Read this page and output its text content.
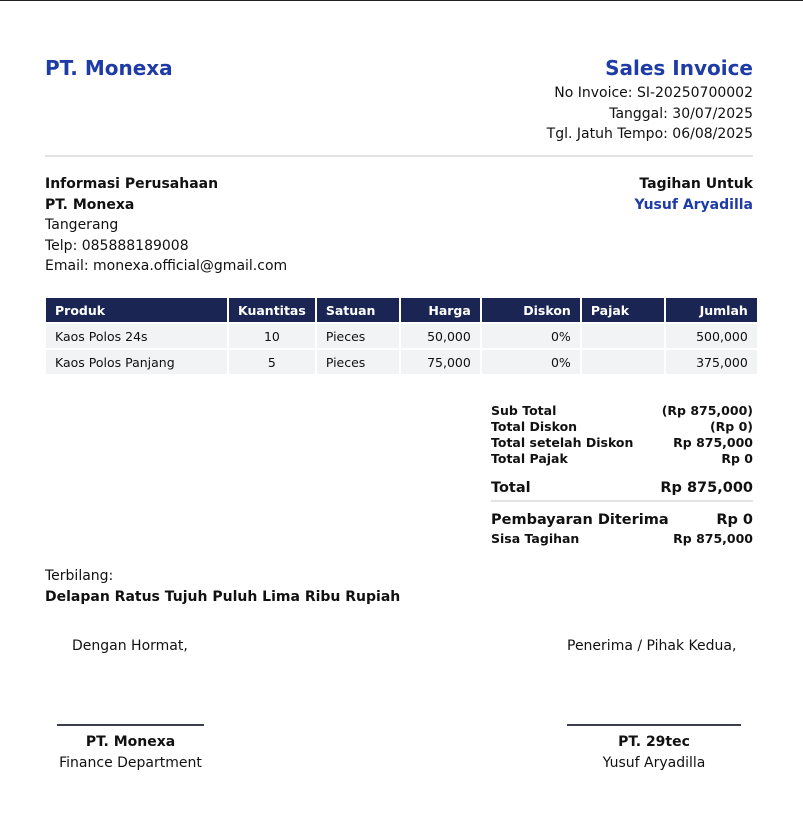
PT. Monexa	Sales Invoice
No Invoice: SI-20250700002
Tanggal: 30/07/2025
Tgl. Jatuh Tempo: 06/08/2025
Informasi Perusahaan
PT. Monexa
Tangerang
Telp: 085888189008
Email: monexa.official@gmail.com
Tagihan Untuk
Yusuf Aryadilla
Produk	Kuantitas	Satuan	Harga	Diskon	Pajak	Jumlah
Kaos Polos 24s	10	Pieces	50,000	0%		500,000
Kaos Polos Panjang	5	Pieces	75,000	0%		375,000
Sub Total	(Rp 875,000)
Total Diskon	(Rp 0)
Total setelah Diskon	Rp 875,000
Total Pajak	Rp 0
Total	Rp 875,000
Pembayaran Diterima	Rp 0
Sisa Tagihan	Rp 875,000
Terbilang:
Delapan Ratus Tujuh Puluh Lima Ribu Rupiah
Dengan Hormat,	Penerima / Pihak Kedua,
PT. Monexa
Finance Department
PT. 29tec
Yusuf Aryadilla
